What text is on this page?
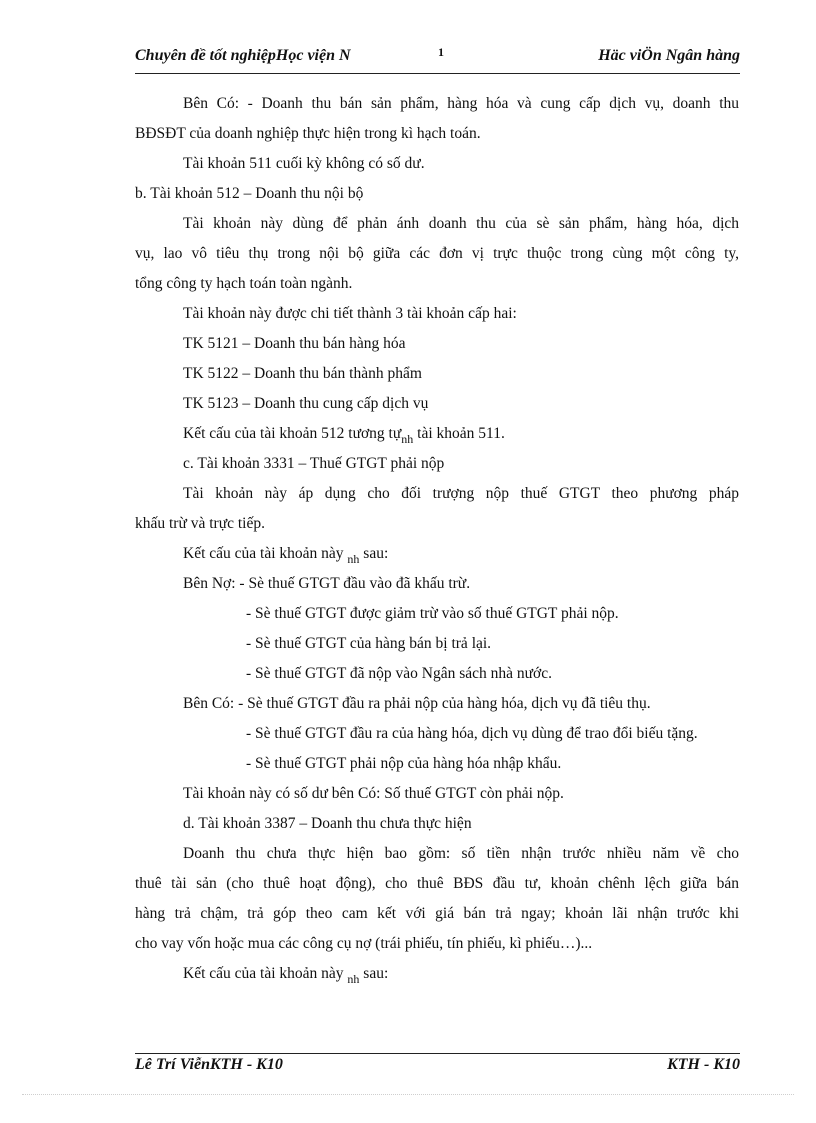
Chuyên đề tốt nghiệpHọc viện N	1	Häc viÖn Ngân hàng
Bên Có: - Doanh thu bán sản phẩm, hàng hóa và cung cấp dịch vụ, doanh thu
BĐSĐT của doanh nghiệp thực hiện trong kì hạch toán.
Tài khoản 511 cuối kỳ không có số dư.
b. Tài khoản 512 – Doanh thu nội bộ
Tài khoản này dùng để phản ánh doanh thu của sè sản phẩm, hàng hóa, dịch
vụ, lao vô tiêu thụ trong nội bộ giữa các đơn vị trực thuộc trong cùng một công ty,
tổng công ty hạch toán toàn ngành.
Tài khoản này được chi tiết thành 3 tài khoản cấp hai:
TK 5121 – Doanh thu bán hàng hóa
TK 5122 – Doanh thu bán thành phẩm
TK 5123 – Doanh thu cung cấp dịch vụ
Kết cấu của tài khoản 512 tương tự$_{nh}$ tài khoản 511.
c. Tài khoản 3331 – Thuế GTGT phải nộp
Tài khoản này áp dụng cho đối trượng nộp thuế GTGT theo phương pháp
khấu trừ và trực tiếp.
Kết cấu của tài khoản này $_{nh}$ sau:
Bên Nợ: - Sè thuế GTGT đầu vào đã khấu trừ.
- Sè thuế GTGT được giảm trừ vào số thuế GTGT phải nộp.
- Sè thuế GTGT của hàng bán bị trả lại.
- Sè thuế GTGT đã nộp vào Ngân sách nhà nước.
Bên Có: - Sè thuế GTGT đầu ra phải nộp của hàng hóa, dịch vụ đã tiêu thụ.
- Sè thuế GTGT đầu ra của hàng hóa, dịch vụ dùng để trao đổi biếu tặng.
- Sè thuế GTGT phải nộp của hàng hóa nhập khẩu.
Tài khoản này có số dư bên Có: Số thuế GTGT còn phải nộp.
d. Tài khoản 3387 – Doanh thu chưa thực hiện
Doanh thu chưa thực hiện bao gồm: số tiền nhận trước nhiều năm về cho
thuê tài sản (cho thuê hoạt động), cho thuê BĐS đầu tư, khoản chênh lệch giữa bán
hàng trả chậm, trả góp theo cam kết với giá bán trả ngay; khoản lãi nhận trước khi
cho vay vốn hoặc mua các công cụ nợ (trái phiếu, tín phiếu, kì phiếu…)...
Kết cấu của tài khoản này $_{nh}$ sau:
Lê Trí ViễnKTH - K10	KTH - K10
